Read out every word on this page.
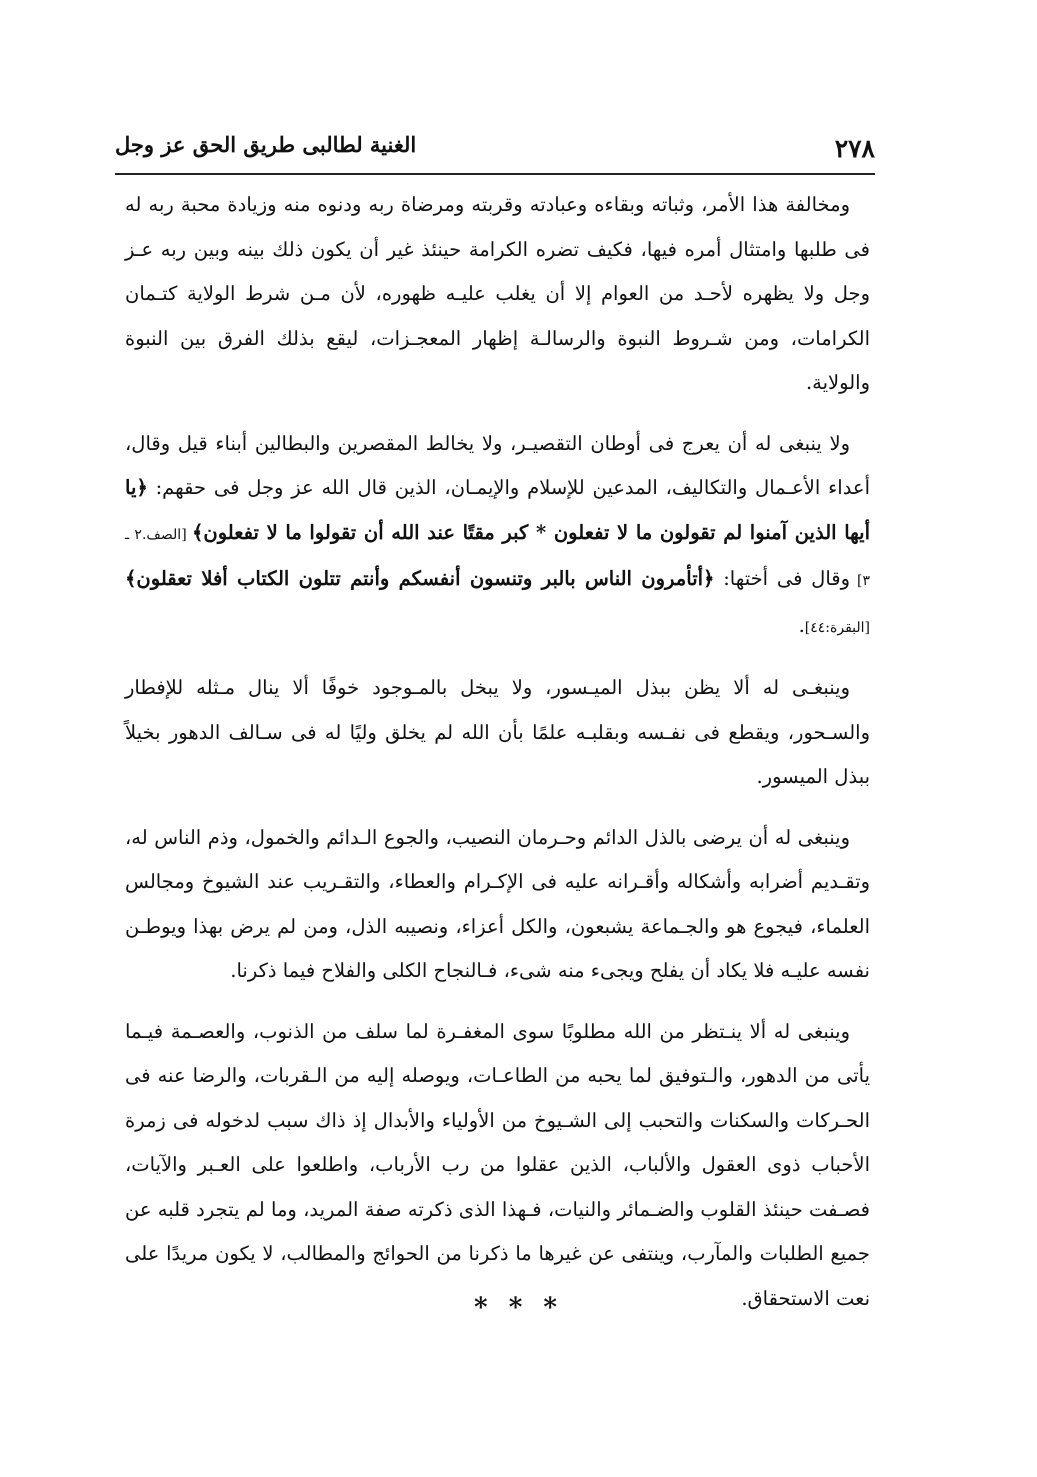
٢٧٨
الغنية لطالبى طريق الحق عز وجل

ومخالفة هذا الأمر، وثباته وبقاءه وعبادته وقربته ومرضاة ربه ودنوه منه وزيادة محبة ربه له فى طلبها وامتثال أمره فيها، فكيف تضره الكرامة حينئذ غير أن يكون ذلك بينه وبين ربه عـز وجل ولا يظهره لأحـد من العوام إلا أن يغلب عليـه ظهوره، لأن مـن شرط الولاية كتـمان الكرامات، ومن شـروط النبوة والرسالـة إظهار المعجـزات، ليقع بذلك الفرق بين النبوة والولاية.

ولا ينبغى له أن يعرج فى أوطان التقصيـر، ولا يخالط المقصرين والبطالين أبناء قيل وقال، أعداء الأعـمال والتكاليف، المدعين للإسلام والإيمـان، الذين قال الله عز وجل فى حقهم: ﴿يا أيها الذين آمنوا لم تقولون ما لا تفعلون * كبر مقتًا عند الله أن تقولوا ما لا تفعلون﴾ [الصف.٢ ـ ٣] وقال فى أختها: ﴿أتأمرون الناس بالبر وتنسون أنفسكم وأنتم تتلون الكتاب أفلا تعقلون﴾ [البقرة:٤٤].

وينبغـى له ألا يظن ببذل الميـسور، ولا يبخل بالمـوجود خوفًا ألا ينال مـثله للإفطار والسـحور، ويقطع فى نفـسه وبقلبـه علمًا بأن الله لم يخلق وليًا له فى سـالف الدهور بخيلاً ببذل الميسور.

وينبغى له أن يرضى بالذل الدائم وحـرمان النصيب، والجوع الـدائم والخمول، وذم الناس له، وتقـديم أضرابه وأشكاله وأقـرانه عليه فى الإكـرام والعطاء، والتقـريب عند الشيوخ ومجالس العلماء، فيجوع هو والجـماعة يشبعون، والكل أعزاء، ونصيبه الذل، ومن لم يرض بهذا ويوطـن نفسه عليـه فلا يكاد أن يفلح ويجىء منه شىء، فـالنجاح الكلى والفلاح فيما ذكرنا.

وينبغى له ألا ينـتظر من الله مطلوبًا سوى المغفـرة لما سلف من الذنوب، والعصـمة فيـما يأتى من الدهور، والـتوفيق لما يحبه من الطاعـات، ويوصله إليه من الـقربات، والرضا عنه فى الحـركات والسكنات والتحبب إلى الشـيوخ من الأولياء والأبدال إذ ذاك سبب لدخوله فى زمرة الأحباب ذوى العقول والألباب، الذين عقلوا من رب الأرباب، واطلعوا على العـبر والآيات، فصـفت حينئذ القلوب والضـمائر والنيات، فـهذا الذى ذكرته صفة المريد، وما لم يتجرد قلبه عن جميع الطلبات والمآرب، وينتفى عن غيرها ما ذكرنا من الحوائج والمطالب، لا يكون مريدًا على نعت الاستحقاق.

* * *
